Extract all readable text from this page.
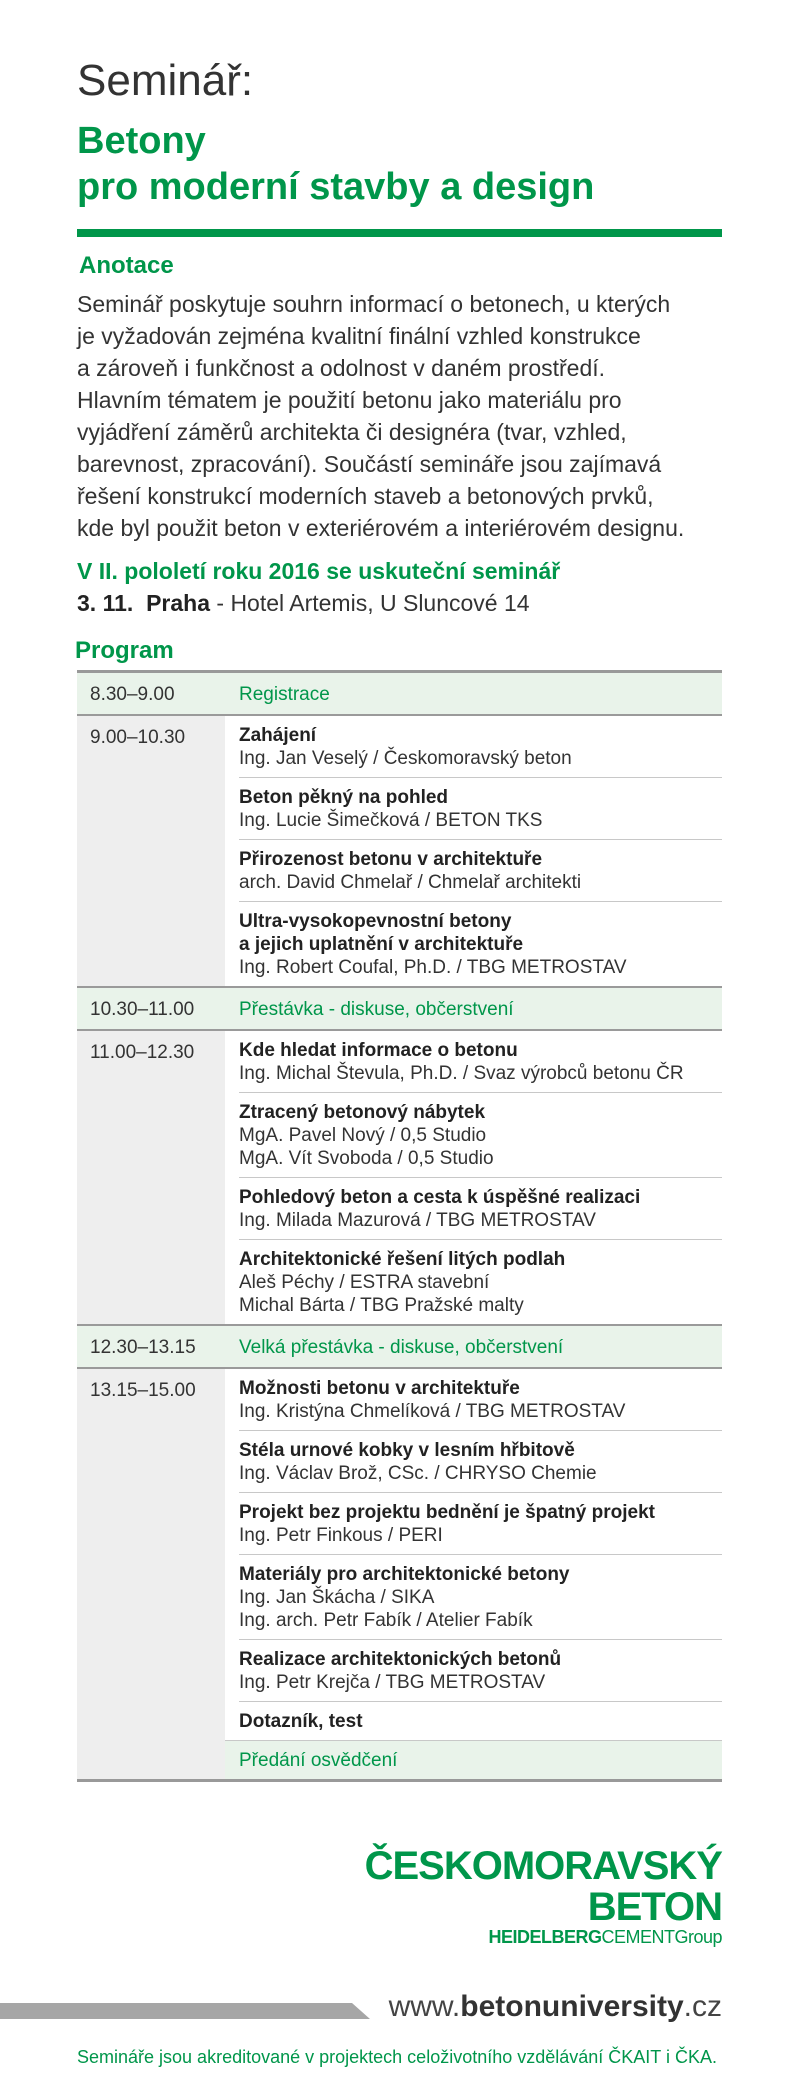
Seminář:
Betony
pro moderní stavby a design
Anotace
Seminář poskytuje souhrn informací o betonech, u kterých
je vyžadován zejména kvalitní finální vzhled konstrukce
a zároveň i funkčnost a odolnost v daném prostředí.
Hlavním tématem je použití betonu jako materiálu pro
vyjádření záměrů architekta či designéra (tvar, vzhled,
barevnost, zpracování). Součástí semináře jsou zajímavá
řešení konstrukcí moderních staveb a betonových prvků,
kde byl použit beton v exteriérovém a interiérovém designu.
V II. pololetí roku 2016 se uskuteční seminář
3. 11. Praha - Hotel Artemis, U Sluncové 14
Program
8.30–9.00	Registrace
9.00–10.30	Zahájení
Ing. Jan Veselý / Českomoravský beton
Beton pěkný na pohled
Ing. Lucie Šimečková / BETON TKS
Přirozenost betonu v architektuře
arch. David Chmelař / Chmelař architekti
Ultra-vysokopevnostní betony
a jejich uplatnění v architektuře
Ing. Robert Coufal, Ph.D. / TBG METROSTAV
10.30–11.00	Přestávka - diskuse, občerstvení
11.00–12.30	Kde hledat informace o betonu
Ing. Michal Števula, Ph.D. / Svaz výrobců betonu ČR
Ztracený betonový nábytek
MgA. Pavel Nový / 0,5 Studio
MgA. Vít Svoboda / 0,5 Studio
Pohledový beton a cesta k úspěšné realizaci
Ing. Milada Mazurová / TBG METROSTAV
Architektonické řešení litých podlah
Aleš Péchy / ESTRA stavební
Michal Bárta / TBG Pražské malty
12.30–13.15	Velká přestávka - diskuse, občerstvení
13.15–15.00	Možnosti betonu v architektuře
Ing. Kristýna Chmelíková / TBG METROSTAV
Stéla urnové kobky v lesním hřbitově
Ing. Václav Brož, CSc. / CHRYSO Chemie
Projekt bez projektu bednění je špatný projekt
Ing. Petr Finkous / PERI
Materiály pro architektonické betony
Ing. Jan Škácha / SIKA
Ing. arch. Petr Fabík / Atelier Fabík
Realizace architektonických betonů
Ing. Petr Krejča / TBG METROSTAV
Dotazník, test
Předání osvědčení
ČESKOMORAVSKÝ
BETON
HEIDELBERGCEMENTGroup
www.betonuniversity.cz
Semináře jsou akreditované v projektech celoživotního vzdělávání ČKAIT i ČKA.
